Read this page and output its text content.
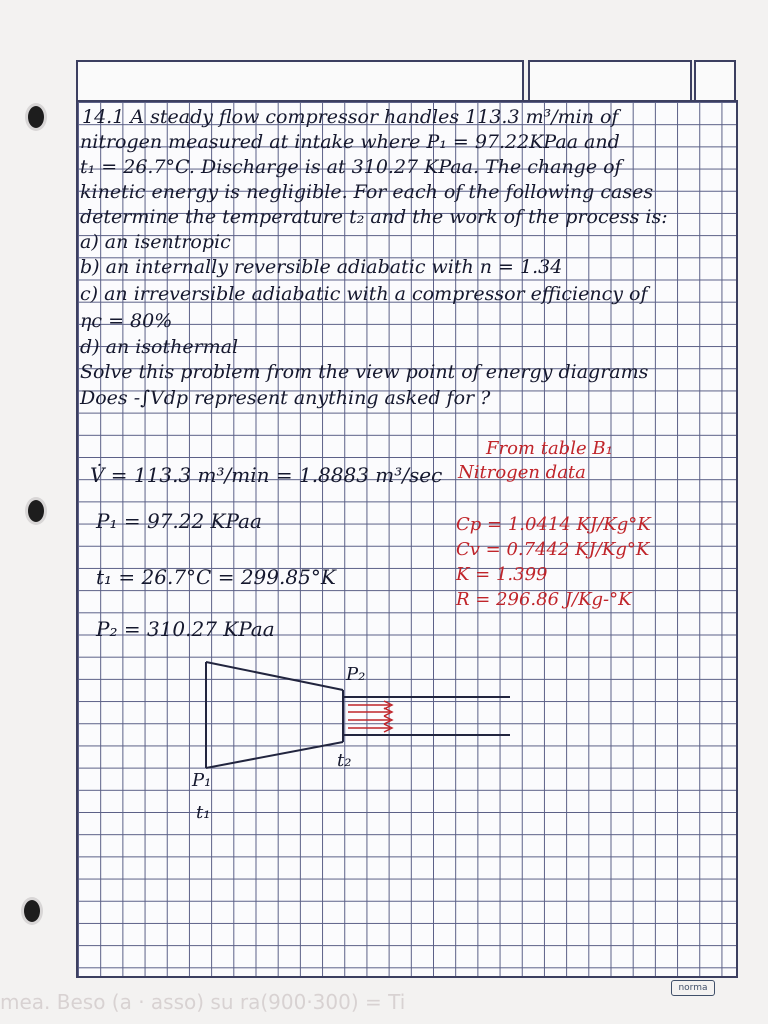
14.1 A steady flow compressor handles 113.3 m³/min of
nitrogen measured at intake where P₁ = 97.22KPaa and
t₁ = 26.7°C. Discharge is at 310.27 KPaa. The change of
kinetic energy is negligible. For each of the following cases
determine the temperature t₂ and the work of the process is:
a) an isentropic
b) an internally reversible adiabatic with n = 1.34
c) an irreversible adiabatic with a compressor efficiency of
ηc = 80%
d) an isothermal
Solve this problem from the view point of energy diagrams
Does -∫Vdp represent anything asked for ?
V̇ = 113.3 m³/min = 1.8883 m³/sec
P₁ = 97.22 KPaa
t₁ = 26.7°C = 299.85°K
P₂ = 310.27 KPaa
From table B₁
Nitrogen data
Cp = 1.0414 KJ/Kg°K
Cv = 0.7442 KJ/Kg°K
K = 1.399
R = 296.86 J/Kg-°K
P₂
t₂
P₁
t₁
norma
mea. Beso (a · asso) su ra(900·300) = Ti
